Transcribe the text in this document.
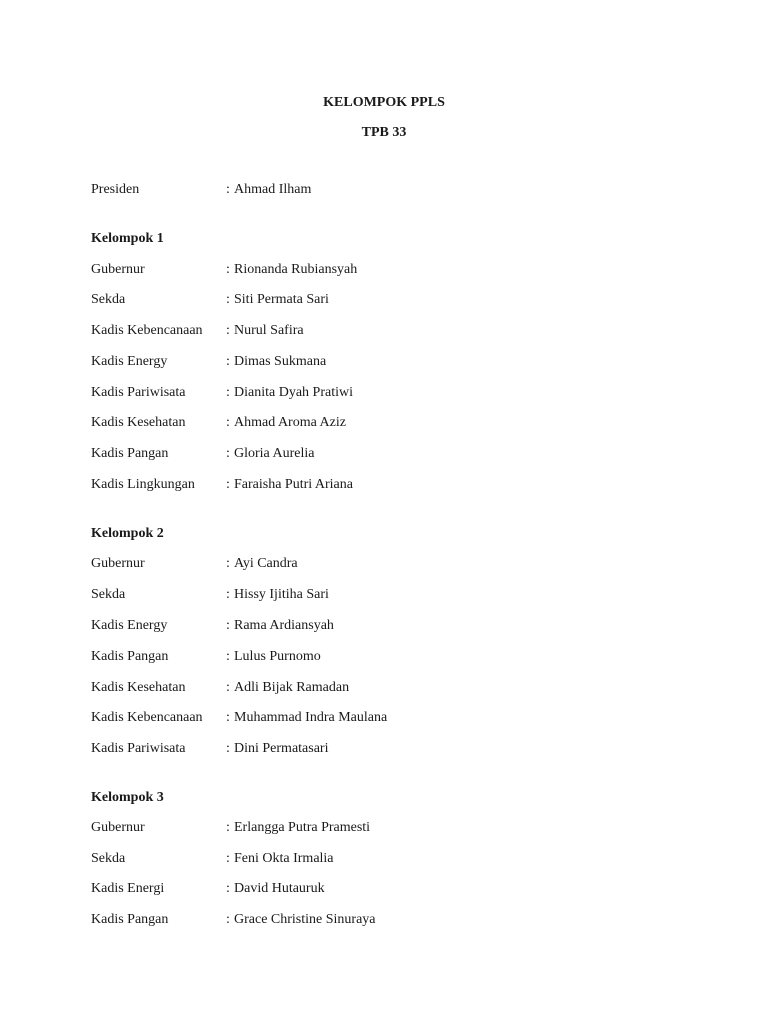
KELOMPOK PPLS
TPB 33
Presiden	: Ahmad Ilham
Kelompok 1
Gubernur	: Rionanda Rubiansyah
Sekda	: Siti Permata Sari
Kadis Kebencanaan	: Nurul Safira
Kadis Energy	: Dimas Sukmana
Kadis Pariwisata	: Dianita Dyah Pratiwi
Kadis Kesehatan	: Ahmad Aroma Aziz
Kadis Pangan	: Gloria Aurelia
Kadis Lingkungan	: Faraisha Putri Ariana
Kelompok 2
Gubernur	: Ayi Candra
Sekda	: Hissy Ijitiha Sari
Kadis Energy	: Rama Ardiansyah
Kadis Pangan	: Lulus Purnomo
Kadis Kesehatan	: Adli Bijak Ramadan
Kadis Kebencanaan	: Muhammad Indra Maulana
Kadis Pariwisata	: Dini Permatasari
Kelompok 3
Gubernur	: Erlangga Putra Pramesti
Sekda	: Feni Okta Irmalia
Kadis Energi	: David Hutauruk
Kadis Pangan	: Grace Christine Sinuraya
